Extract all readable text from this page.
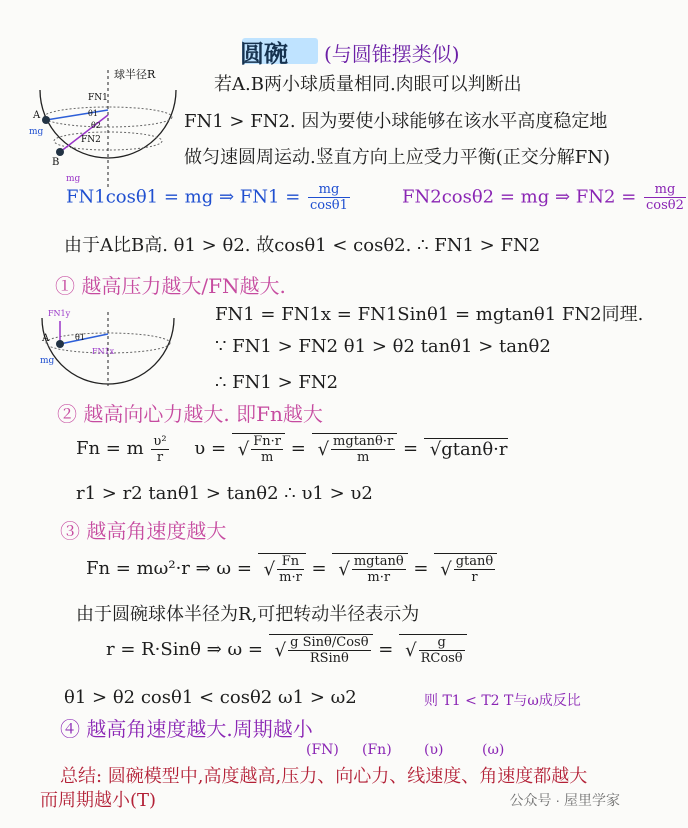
圆碗 (与圆锥摆类似)
球半径R
FN1
A
mg
θ1
θ2
FN2
B
mg
若A.B两小球质量相同.肉眼可以判断出
FN1 > FN2. 因为要使小球能够在该水平高度稳定地
做匀速圆周运动.竖直方向上应受力平衡(正交分解FN)
FN1cosθ1 = mg ⇒ $FN1 = \frac{mg}{\cos\theta 1}$	FN2cosθ2 = mg ⇒ $FN2 = \frac{mg}{\cos\theta 2}$
由于A比B高. θ1 > θ2. 故cosθ1 < cosθ2. ∴ FN1 > FN2
① 越高压力越大/FN越大.
FN1y
θ1
A
FN1x
mg
FN1 = FN1x = FN1Sinθ1 = mgtanθ1 FN2同理.
∵ FN1 > FN2 θ1 > θ2 tanθ1 > tanθ2
∴ FN1 > FN2
② 越高向心力越大. 即Fn越大
Fn = m $\frac{\text{υ²}}{r}$ υ = √ $\frac{Fn\cdot r}{m}$ = √ $\frac{mgtan\theta\cdot r}{m}$ = √ gtanθ·r
r1 > r2 tanθ1 > tanθ2 ∴ υ1 > υ2
③ 越高角速度越大
Fn = mω²·r ⇒ ω = √ $\frac{Fn}{m\cdot r}$ = √ $\frac{mgtan\theta}{m\cdot r}$ = √ $\frac{gtan\theta}{r}$
由于圆碗球体半径为R,可把转动半径表示为
r = R·Sinθ ⇒ ω = √ $\frac{\text{g Sinθ/Cosθ}}{\text{RSinθ}}$ = √ $\frac{g}{\text{RCosθ}}$
θ1 > θ2 cosθ1 < cosθ2 ω1 > ω2	则 T1 < T2 T与ω成反比
④ 越高角速度越大.周期越小
(FN) (Fn) (υ)	(ω)
总结: 圆碗模型中,高度越高,压力、向心力、线速度、角速度都越大
而周期越小(T)	公众号 · 屋里学家
